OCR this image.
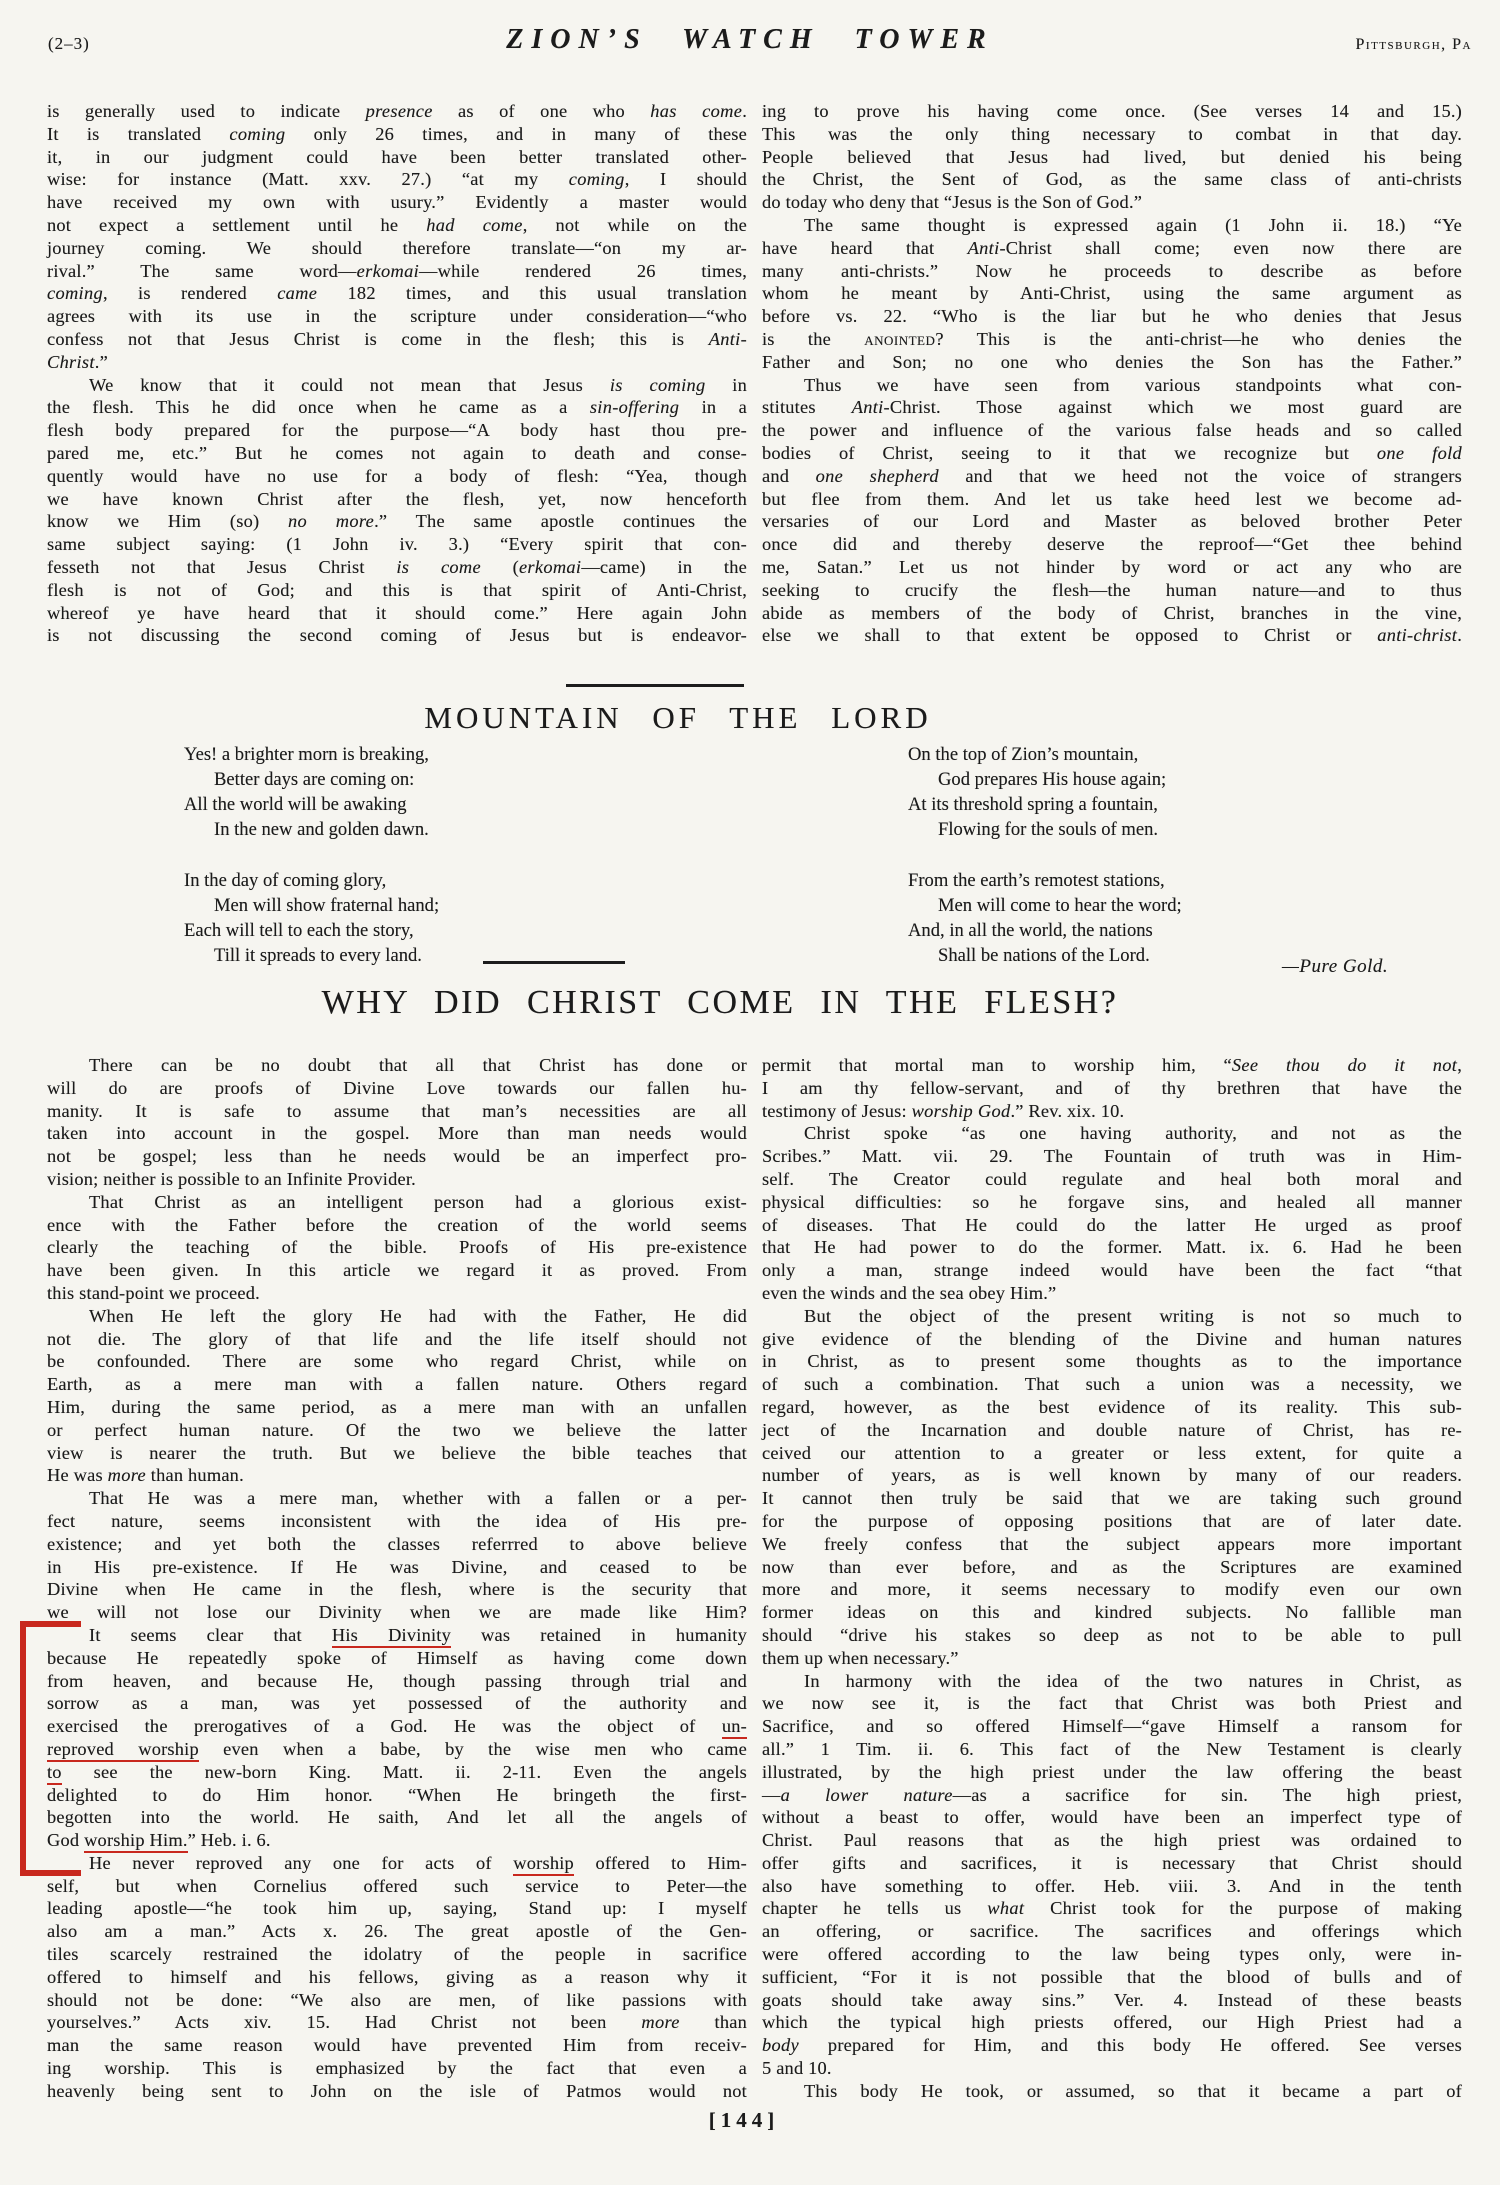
(2–3)	ZION’S WATCH TOWER	Pittsburgh, Pa

is generally used to indicate presence as of one who has come.
It is translated coming only 26 times, and in many of these
it, in our judgment could have been better translated other-
wise: for instance (Matt. xxv. 27.) “at my coming, I should
have received my own with usury.” Evidently a master would
not expect a settlement until he had come, not while on the
journey coming. We should therefore translate—“on my ar-
rival.” The same word—erkomai—while rendered 26 times,
coming, is rendered came 182 times, and this usual translation
agrees with its use in the scripture under consideration—“who
confess not that Jesus Christ is come in the flesh; this is Anti-
Christ.”

We know that it could not mean that Jesus is coming in
the flesh. This he did once when he came as a sin-offering in a
flesh body prepared for the purpose—“A body hast thou pre-
pared me, etc.” But he comes not again to death and conse-
quently would have no use for a body of flesh: “Yea, though
we have known Christ after the flesh, yet, now henceforth
know we Him (so) no more.” The same apostle continues the
same subject saying: (1 John iv. 3.) “Every spirit that con-
fesseth not that Jesus Christ is come (erkomai—came) in the
flesh is not of God; and this is that spirit of Anti-Christ,
whereof ye have heard that it should come.” Here again John
is not discussing the second coming of Jesus but is endeavor-

ing to prove his having come once. (See verses 14 and 15.)
This was the only thing necessary to combat in that day.
People believed that Jesus had lived, but denied his being
the Christ, the Sent of God, as the same class of anti-christs
do today who deny that “Jesus is the Son of God.”

The same thought is expressed again (1 John ii. 18.) “Ye
have heard that Anti-Christ shall come; even now there are
many anti-christs.” Now he proceeds to describe as before
whom he meant by Anti-Christ, using the same argument as
before vs. 22. “Who is the liar but he who denies that Jesus
is the anointed? This is the anti-christ—he who denies the
Father and Son; no one who denies the Son has the Father.”

Thus we have seen from various standpoints what con-
stitutes Anti-Christ. Those against which we most guard are
the power and influence of the various false heads and so called
bodies of Christ, seeing to it that we recognize but one fold
and one shepherd and that we heed not the voice of strangers
but flee from them. And let us take heed lest we become ad-
versaries of our Lord and Master as beloved brother Peter
once did and thereby deserve the reproof—“Get thee behind
me, Satan.” Let us not hinder by word or act any who are
seeking to crucify the flesh—the human nature—and to thus
abide as members of the body of Christ, branches in the vine,
else we shall to that extent be opposed to Christ or anti-christ.

MOUNTAIN OF THE LORD
Yes! a brighter morn is breaking,
Better days are coming on:
All the world will be awaking
In the new and golden dawn.
In the day of coming glory,
Men will show fraternal hand;
Each will tell to each the story,
Till it spreads to every land.
On the top of Zion’s mountain,
God prepares His house again;
At its threshold spring a fountain,
Flowing for the souls of men.
From the earth’s remotest stations,
Men will come to hear the word;
And, in all the world, the nations
Shall be nations of the Lord.
—Pure Gold.
WHY DID CHRIST COME IN THE FLESH?

There can be no doubt that all that Christ has done or
will do are proofs of Divine Love towards our fallen hu-
manity. It is safe to assume that man’s necessities are all
taken into account in the gospel. More than man needs would
not be gospel; less than he needs would be an imperfect pro-
vision; neither is possible to an Infinite Provider.

That Christ as an intelligent person had a glorious exist-
ence with the Father before the creation of the world seems
clearly the teaching of the bible. Proofs of His pre-existence
have been given. In this article we regard it as proved. From
this stand-point we proceed.

When He left the glory He had with the Father, He did
not die. The glory of that life and the life itself should not
be confounded. There are some who regard Christ, while on
Earth, as a mere man with a fallen nature. Others regard
Him, during the same period, as a mere man with an unfallen
or perfect human nature. Of the two we believe the latter
view is nearer the truth. But we believe the bible teaches that
He was more than human.

That He was a mere man, whether with a fallen or a per-
fect nature, seems inconsistent with the idea of His pre-
existence; and yet both the classes referrred to above believe
in His pre-existence. If He was Divine, and ceased to be
Divine when He came in the flesh, where is the security that
we will not lose our Divinity when we are made like Him?

It seems clear that His Divinity was retained in humanity
because He repeatedly spoke of Himself as having come down
from heaven, and because He, though passing through trial and
sorrow as a man, was yet possessed of the authority and
exercised the prerogatives of a God. He was the object of un-
reproved worship even when a babe, by the wise men who came
to see the new-born King. Matt. ii. 2-11. Even the angels
delighted to do Him honor. “When He bringeth the first-
begotten into the world. He saith, And let all the angels of
God worship Him.” Heb. i. 6.

He never reproved any one for acts of worship offered to Him-
self, but when Cornelius offered such service to Peter—the
leading apostle—“he took him up, saying, Stand up: I myself
also am a man.” Acts x. 26. The great apostle of the Gen-
tiles scarcely restrained the idolatry of the people in sacrifice
offered to himself and his fellows, giving as a reason why it
should not be done: “We also are men, of like passions with
yourselves.” Acts xiv. 15. Had Christ not been more than
man the same reason would have prevented Him from receiv-
ing worship. This is emphasized by the fact that even a
heavenly being sent to John on the isle of Patmos would not

permit that mortal man to worship him, “See thou do it not,
I am thy fellow-servant, and of thy brethren that have the
testimony of Jesus: worship God.” Rev. xix. 10.

Christ spoke “as one having authority, and not as the
Scribes.” Matt. vii. 29. The Fountain of truth was in Him-
self. The Creator could regulate and heal both moral and
physical difficulties: so he forgave sins, and healed all manner
of diseases. That He could do the latter He urged as proof
that He had power to do the former. Matt. ix. 6. Had he been
only a man, strange indeed would have been the fact “that
even the winds and the sea obey Him.”

But the object of the present writing is not so much to
give evidence of the blending of the Divine and human natures
in Christ, as to present some thoughts as to the importance
of such a combination. That such a union was a necessity, we
regard, however, as the best evidence of its reality. This sub-
ject of the Incarnation and double nature of Christ, has re-
ceived our attention to a greater or less extent, for quite a
number of years, as is well known by many of our readers.
It cannot then truly be said that we are taking such ground
for the purpose of opposing positions that are of later date.
We freely confess that the subject appears more important
now than ever before, and as the Scriptures are examined
more and more, it seems necessary to modify even our own
former ideas on this and kindred subjects. No fallible man
should “drive his stakes so deep as not to be able to pull
them up when necessary.”

In harmony with the idea of the two natures in Christ, as
we now see it, is the fact that Christ was both Priest and
Sacrifice, and so offered Himself—“gave Himself a ransom for
all.” 1 Tim. ii. 6. This fact of the New Testament is clearly
illustrated, by the high priest under the law offering the beast
—a lower nature—as a sacrifice for sin. The high priest,
without a beast to offer, would have been an imperfect type of
Christ. Paul reasons that as the high priest was ordained to
offer gifts and sacrifices, it is necessary that Christ should
also have something to offer. Heb. viii. 3. And in the tenth
chapter he tells us what Christ took for the purpose of making
an offering, or sacrifice. The sacrifices and offerings which
were offered according to the law being types only, were in-
sufficient, “For it is not possible that the blood of bulls and of
goats should take away sins.” Ver. 4. Instead of these beasts
which the typical high priests offered, our High Priest had a
body prepared for Him, and this body He offered. See verses
5 and 10.

This body He took, or assumed, so that it became a part of

[144]
